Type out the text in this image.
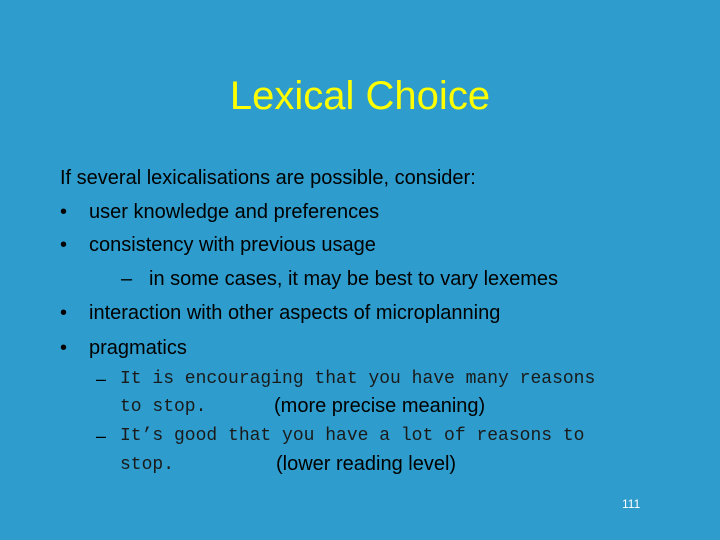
Lexical Choice
If several lexicalisations are possible, consider:
• user knowledge and preferences
• consistency with previous usage
– in some cases, it may be best to vary lexemes
• interaction with other aspects of microplanning
• pragmatics
– It is encouraging that you have many reasons
to stop.	(more precise meaning)
– It’s good that you have a lot of reasons to
stop.	(lower reading level)
111
